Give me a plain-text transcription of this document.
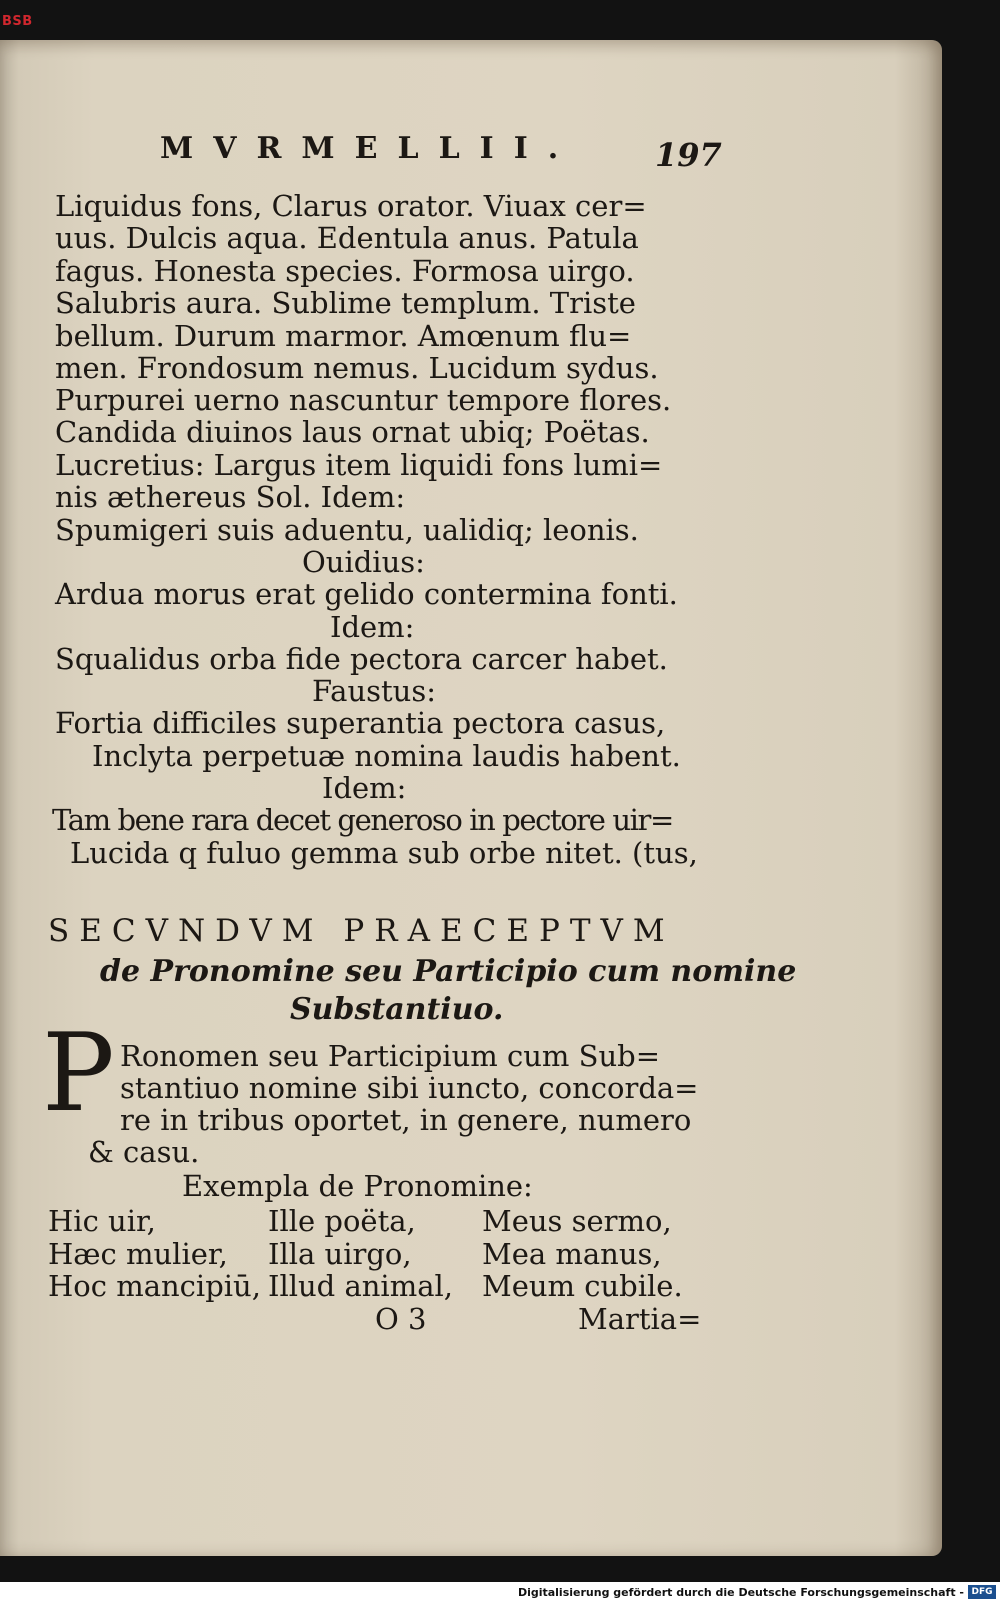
BSB
MVRMELLII. 197
Liquidus fons, Clarus orator. Viuax cer=
uus. Dulcis aqua. Edentula anus. Patula
fagus. Honesta species. Formosa uirgo.
Salubris aura. Sublime templum. Triste
bellum. Durum marmor. Amœnum flu=
men. Frondosum nemus. Lucidum sydus.
Purpurei uerno nascuntur tempore flores.
Candida diuinos laus ornat ubiq; Poëtas.
Lucretius: Largus item liquidi fons lumi=
nis æthereus Sol. Idem:
Spumigeri suis aduentu, ualidiq; leonis.
Ouidius:
Ardua morus erat gelido contermina fonti.
Idem:
Squalidus orba fide pectora carcer habet.
Faustus:
Fortia difficiles superantia pectora casus,
Inclyta perpetuæ nomina laudis habent.
Idem:
Tam bene rara decet generoso in pectore uir=
Lucida q fuluo gemma sub orbe nitet. (tus,
SECVNDVM PRAECEPTVM
de Pronomine seu Participio cum nomine
Substantiuo.
P Ronomen seu Participium cum Sub=
stantiuo nomine sibi iuncto, concorda=
re in tribus oportet, in genere, numero
& casu.
Exempla de Pronomine:
Hic uir,	Ille poëta, Meus sermo,
Hæc mulier, Illa uirgo, Mea manus,
Hoc mancipiū, Illud animal, Meum cubile.
O 3	Martia=
Digitalisierung gefördert durch die Deutsche Forschungsgemeinschaft - DFG
